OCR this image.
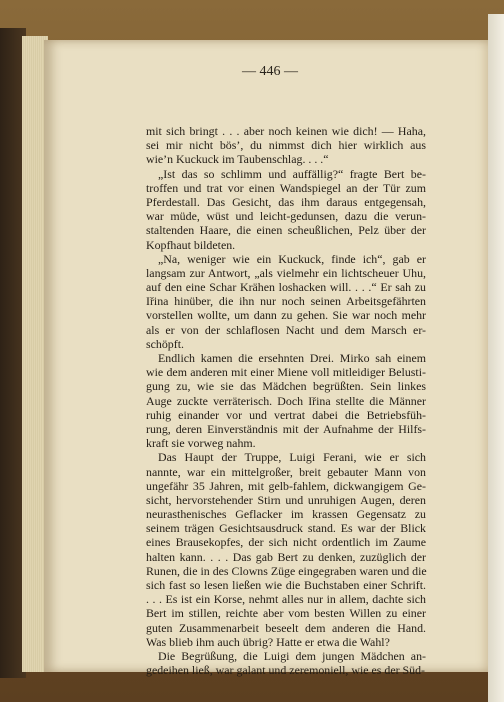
— 446 —
mit sich bringt . . . aber noch keinen wie dich! — Haha,
sei mir nicht bös’, du nimmst dich hier wirklich aus
wie’n Kuckuck im Taubenschlag. . . .“
„Ist das so schlimm und auffällig?“ fragte Bert be-
troffen und trat vor einen Wandspiegel an der Tür zum
Pferdestall. Das Gesicht, das ihm daraus entgegensah,
war müde, wüst und leicht-gedunsen, dazu die verun-
staltenden Haare, die einen scheußlichen, Pelz über der
Kopfhaut bildeten.
„Na, weniger wie ein Kuckuck, finde ich“, gab er
langsam zur Antwort, „als vielmehr ein lichtscheuer Uhu,
auf den eine Schar Krähen loshacken will. . . .“ Er sah zu
Iřina hinüber, die ihn nur noch seinen Arbeitsgefährten
vorstellen wollte, um dann zu gehen. Sie war noch mehr
als er von der schlaflosen Nacht und dem Marsch er-
schöpft.
Endlich kamen die ersehnten Drei. Mirko sah einem
wie dem anderen mit einer Miene voll mitleidiger Belusti-
gung zu, wie sie das Mädchen begrüßten. Sein linkes
Auge zuckte verräterisch. Doch Iřina stellte die Männer
ruhig einander vor und vertrat dabei die Betriebsfüh-
rung, deren Einverständnis mit der Aufnahme der Hilfs-
kraft sie vorweg nahm.
Das Haupt der Truppe, Luigi Ferani, wie er sich
nannte, war ein mittelgroßer, breit gebauter Mann von
ungefähr 35 Jahren, mit gelb-fahlem, dickwangigem Ge-
sicht, hervorstehender Stirn und unruhigen Augen, deren
neurasthenisches Geflacker im krassen Gegensatz zu
seinem trägen Gesichtsausdruck stand. Es war der Blick
eines Brausekopfes, der sich nicht ordentlich im Zaume
halten kann. . . . Das gab Bert zu denken, zuzüglich der
Runen, die in des Clowns Züge eingegraben waren und die
sich fast so lesen ließen wie die Buchstaben einer Schrift.
. . . Es ist ein Korse, nehmt alles nur in allem, dachte sich
Bert im stillen, reichte aber vom besten Willen zu einer
guten Zusammenarbeit beseelt dem anderen die Hand.
Was blieb ihm auch übrig? Hatte er etwa die Wahl?
Die Begrüßung, die Luigi dem jungen Mädchen an-
gedeihen ließ, war galant und zeremoniell, wie es der Süd-
